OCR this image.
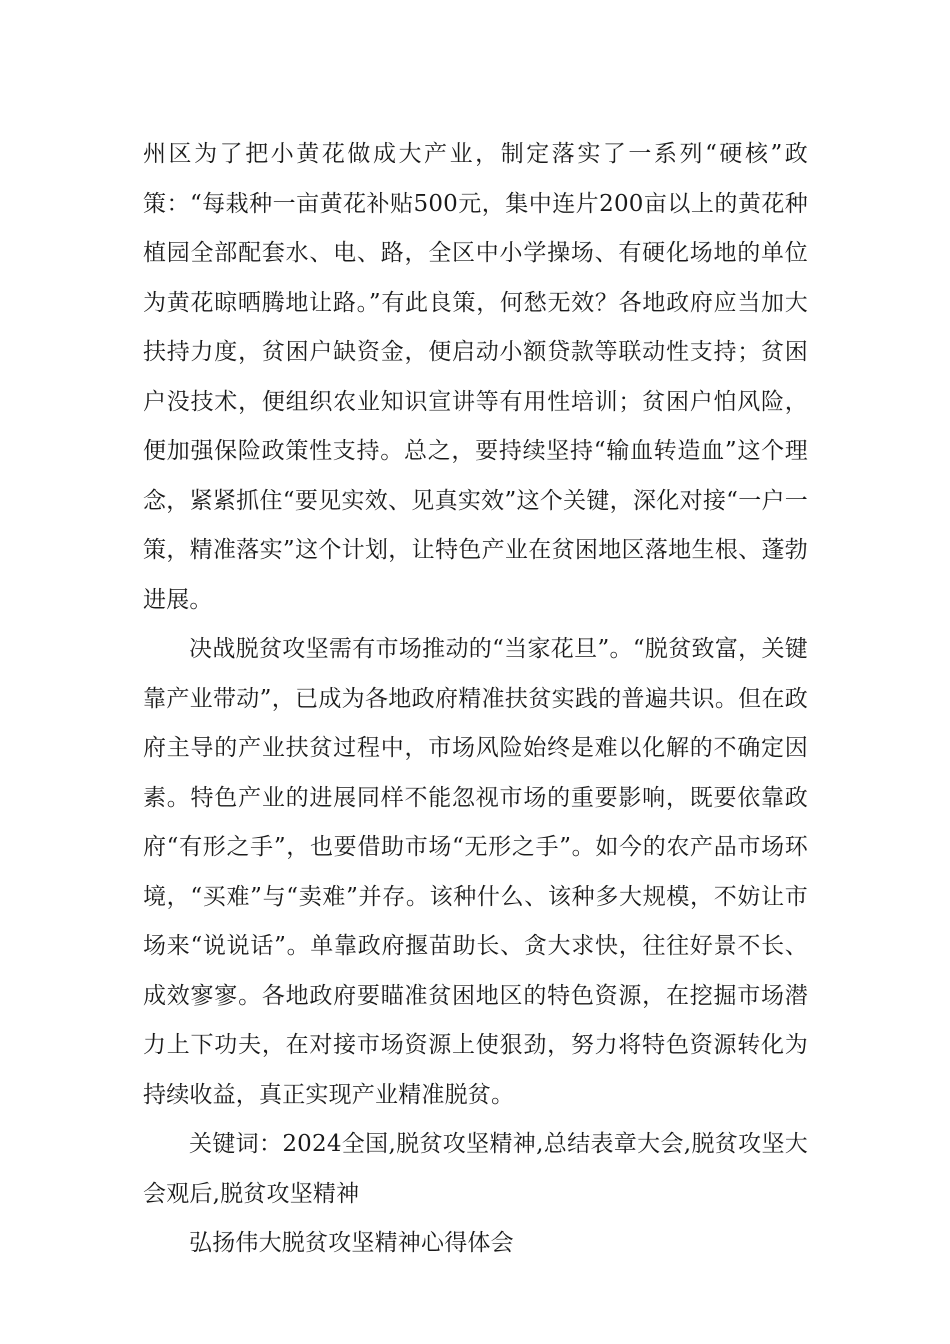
州区为了把小黄花做成大产业，制定落实了一系列“硬核”政策：“每栽种一亩黄花补贴500元，集中连片200亩以上的黄花种植园全部配套水、电、路，全区中小学操场、有硬化场地的单位为黄花晾晒腾地让路。”有此良策，何愁无效？各地政府应当加大扶持力度，贫困户缺资金，便启动小额贷款等联动性支持；贫困户没技术，便组织农业知识宣讲等有用性培训；贫困户怕风险，便加强保险政策性支持。总之，要持续坚持“输血转造血”这个理念，紧紧抓住“要见实效、见真实效”这个关键，深化对接“一户一策，精准落实”这个计划，让特色产业在贫困地区落地生根、蓬勃进展。

决战脱贫攻坚需有市场推动的“当家花旦”。“脱贫致富，关键靠产业带动”，已成为各地政府精准扶贫实践的普遍共识。但在政府主导的产业扶贫过程中，市场风险始终是难以化解的不确定因素。特色产业的进展同样不能忽视市场的重要影响，既要依靠政府“有形之手”，也要借助市场“无形之手”。如今的农产品市场环境，“买难”与“卖难”并存。该种什么、该种多大规模，不妨让市场来“说说话”。单靠政府揠苗助长、贪大求快，往往好景不长、成效寥寥。各地政府要瞄准贫困地区的特色资源，在挖掘市场潜力上下功夫，在对接市场资源上使狠劲，努力将特色资源转化为持续收益，真正实现产业精准脱贫。

关键词：2024全国,脱贫攻坚精神,总结表章大会,脱贫攻坚大会观后,脱贫攻坚精神

弘扬伟大脱贫攻坚精神心得体会
